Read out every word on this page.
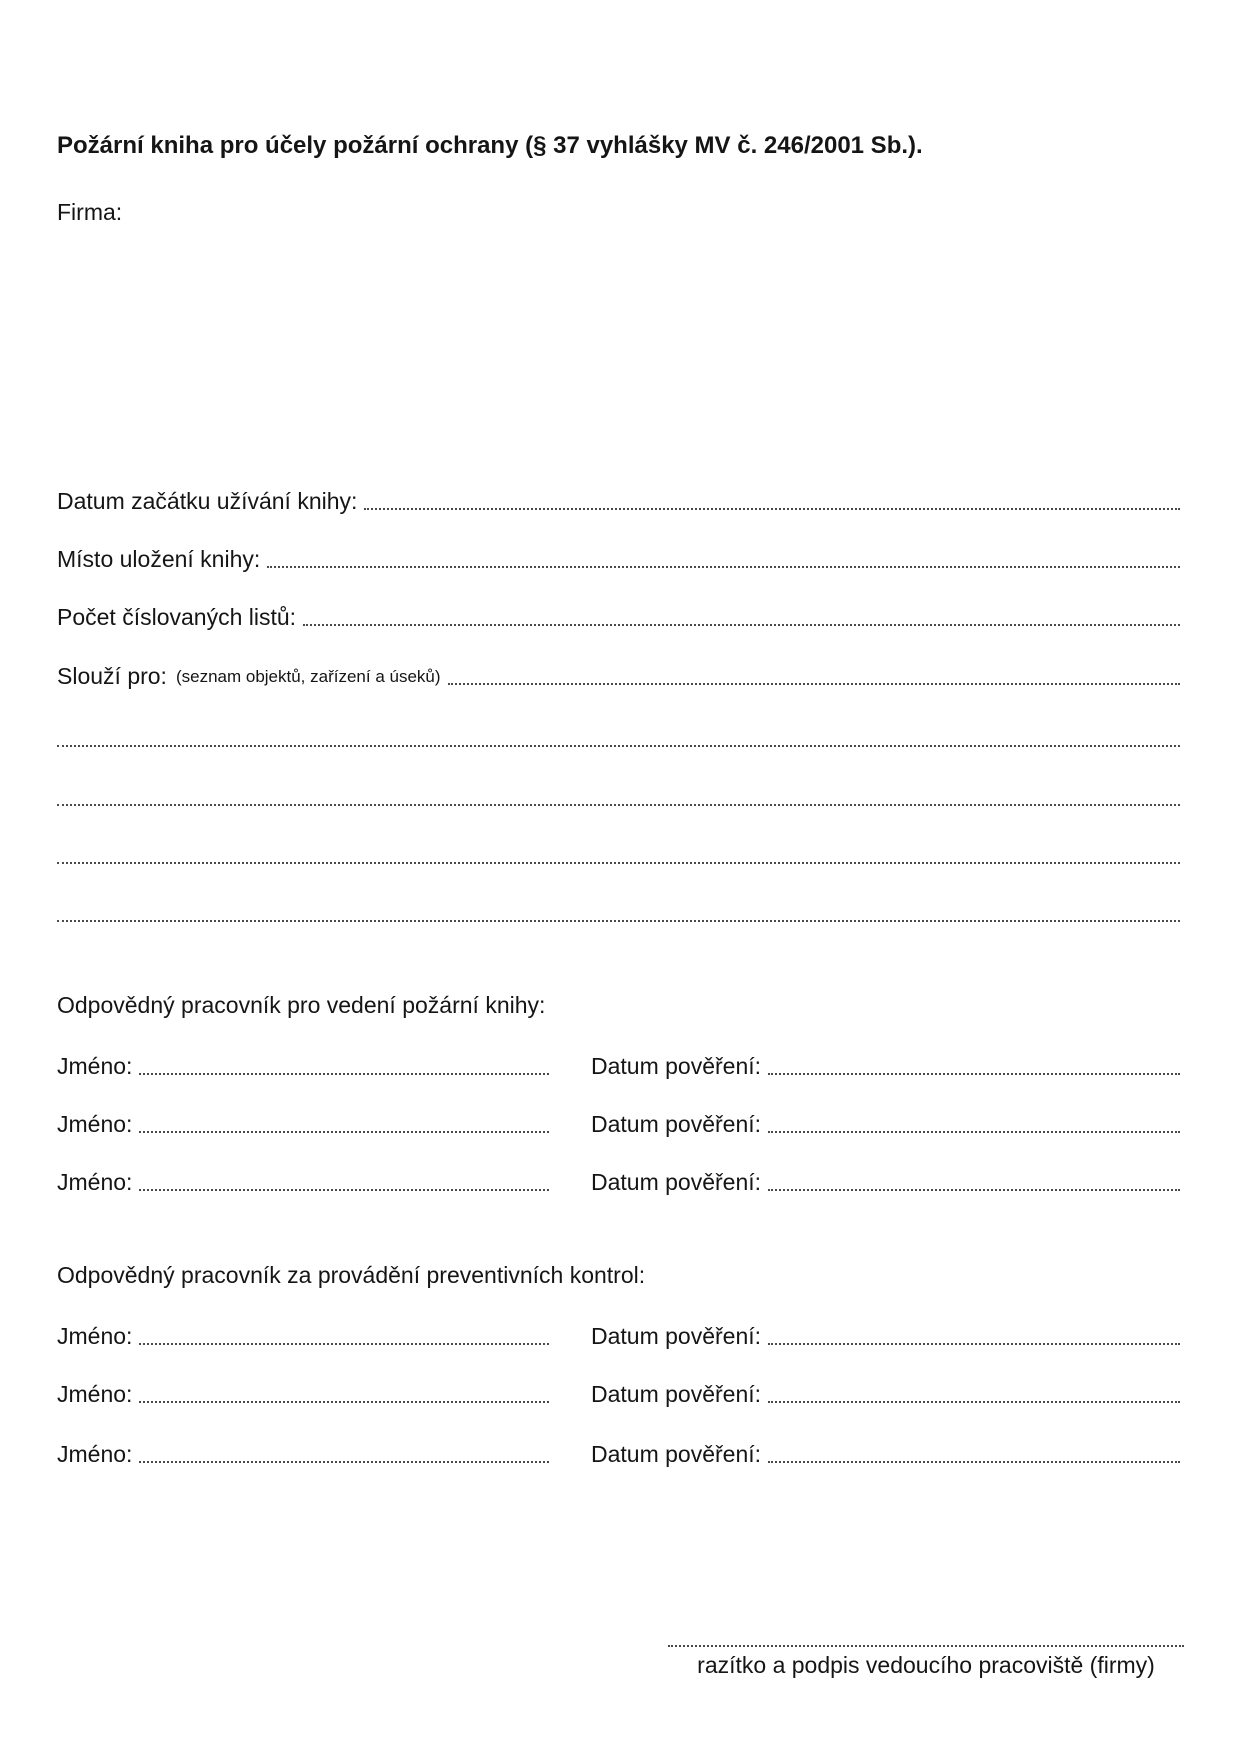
Požární kniha pro účely požární ochrany (§ 37 vyhlášky MV č. 246/2001 Sb.).
Firma:
Datum začátku užívání knihy:
Místo uložení knihy:
Počet číslovaných listů:
Slouží pro: (seznam objektů, zařízení a úseků)
Odpovědný pracovník pro vedení požární knihy:
Jméno:	Datum pověření:
Jméno:	Datum pověření:
Jméno:	Datum pověření:
Odpovědný pracovník za provádění preventivních kontrol:
Jméno:	Datum pověření:
Jméno:	Datum pověření:
Jméno:	Datum pověření:
razítko a podpis vedoucího pracoviště (firmy)
